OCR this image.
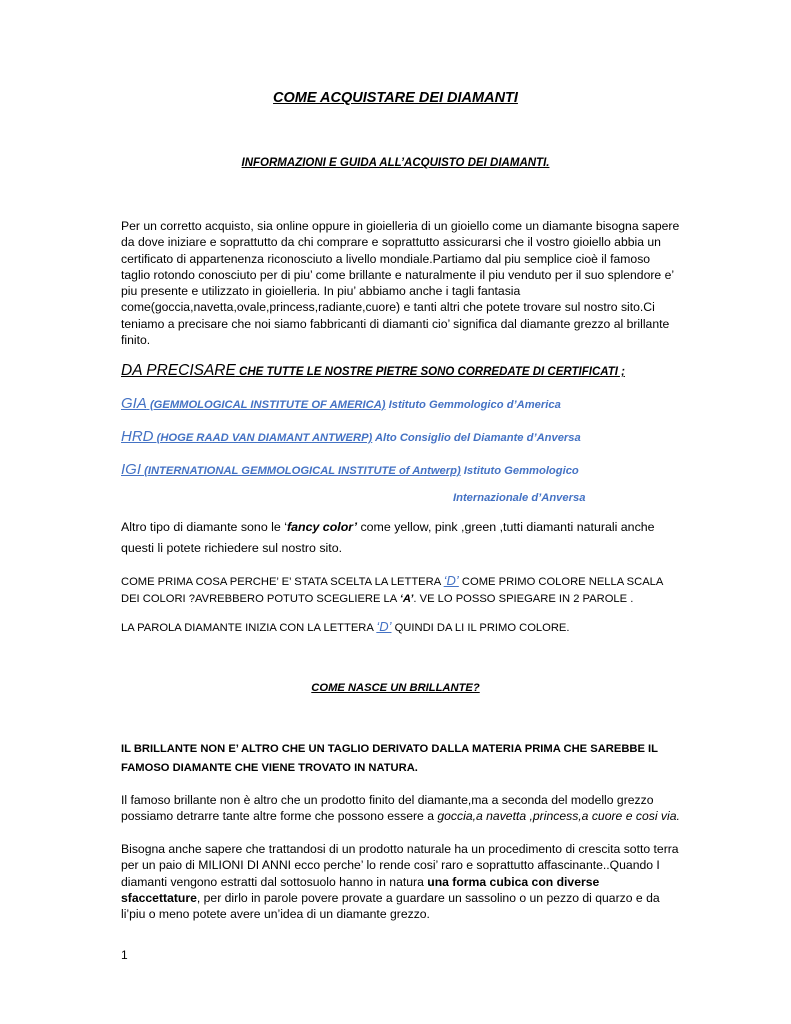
COME ACQUISTARE DEI DIAMANTI

INFORMAZIONI E GUIDA ALL’ACQUISTO DEI DIAMANTI.

Per un corretto acquisto, sia online oppure in gioielleria di un gioiello come un diamante bisogna sapere da dove iniziare e soprattutto da chi comprare e soprattutto assicurarsi che il vostro gioiello abbia un certificato di appartenenza riconosciuto a livello mondiale.Partiamo dal piu semplice cioè il famoso taglio rotondo conosciuto per di piu’ come brillante e naturalmente il piu venduto per il suo splendore e’ piu presente e utilizzato in gioielleria. In piu’ abbiamo anche i tagli fantasia come(goccia,navetta,ovale,princess,radiante,cuore) e tanti altri che potete trovare sul nostro sito.Ci teniamo a precisare che noi siamo fabbricanti di diamanti cio’ significa dal diamante grezzo al brillante finito.

DA PRECISARE CHE TUTTE LE NOSTRE PIETRE SONO CORREDATE DI CERTIFICATI ;

GIA (GEMMOLOGICAL INSTITUTE OF AMERICA) Istituto Gemmologico d’America

HRD (HOGE RAAD VAN DIAMANT ANTWERP) Alto Consiglio del Diamante d’Anversa

IGI (INTERNATIONAL GEMMOLOGICAL INSTITUTE of Antwerp) Istituto Gemmologico

Internazionale d’Anversa

Altro tipo di diamante sono le ‘fancy color’ come yellow, pink ,green ,tutti diamanti naturali anche questi li potete richiedere sul nostro sito.

COME PRIMA COSA PERCHE’ E’ STATA SCELTA LA LETTERA ‘D’ COME PRIMO COLORE NELLA SCALA DEI COLORI ?AVREBBERO POTUTO SCEGLIERE LA ‘A’. VE LO POSSO SPIEGARE IN 2 PAROLE .

LA PAROLA DIAMANTE INIZIA CON LA LETTERA ‘D’ QUINDI DA LI IL PRIMO COLORE.

COME NASCE UN BRILLANTE?

IL BRILLANTE NON E’ ALTRO CHE UN TAGLIO DERIVATO DALLA MATERIA PRIMA CHE SAREBBE IL FAMOSO DIAMANTE CHE VIENE TROVATO IN NATURA.

Il famoso brillante non è altro che un prodotto finito del diamante,ma a seconda del modello grezzo possiamo detrarre tante altre forme che possono essere a goccia,a navetta ,princess,a cuore e cosi via.

Bisogna anche sapere che trattandosi di un prodotto naturale ha un procedimento di crescita sotto terra per un paio di MILIONI DI ANNI ecco perche’ lo rende cosi’ raro e soprattutto affascinante..Quando I diamanti vengono estratti dal sottosuolo hanno in natura una forma cubica con diverse sfaccettature, per dirlo in parole povere provate a guardare un sassolino o un pezzo di quarzo e da li’piu o meno potete avere un’idea di un diamante grezzo.

1
